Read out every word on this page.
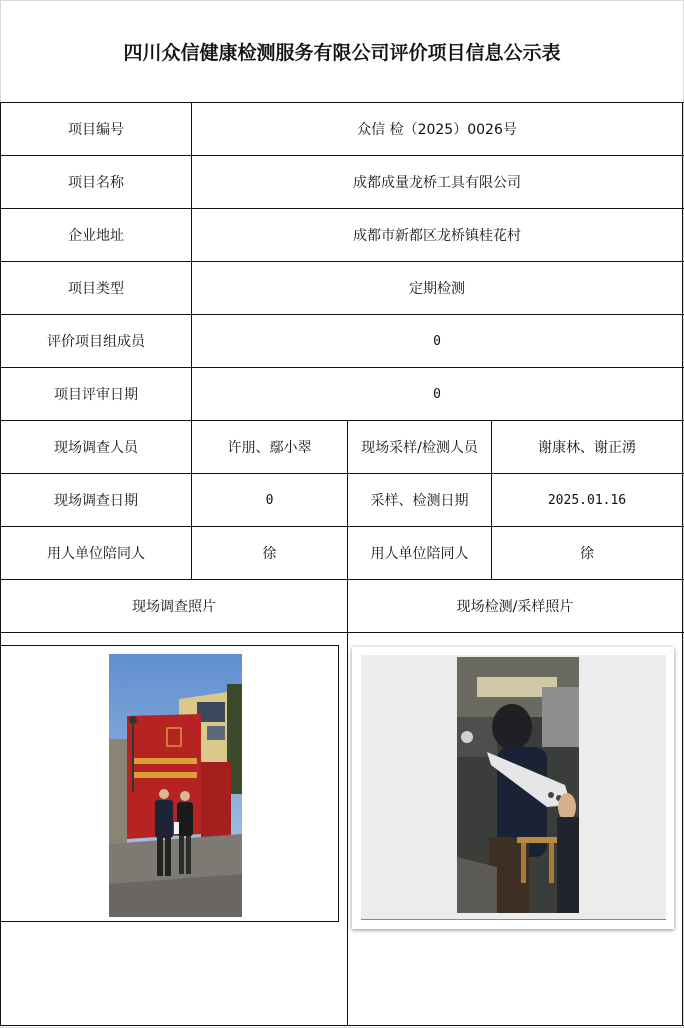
四川众信健康检测服务有限公司评价项目信息公示表
项目编号	众信 检（2025）0026号
项目名称	成都成量龙桥工具有限公司
企业地址	成都市新都区龙桥镇桂花村
项目类型	定期检测
评价项目组成员	0
项目评审日期	0
现场调查人员	许朋、鄢小翠	现场采样/检测人员	谢康林、谢正湧
现场调查日期	0	采样、检测日期	2025.01.16
用人单位陪同人	徐	用人单位陪同人	徐
现场调查照片	现场检测/采样照片
